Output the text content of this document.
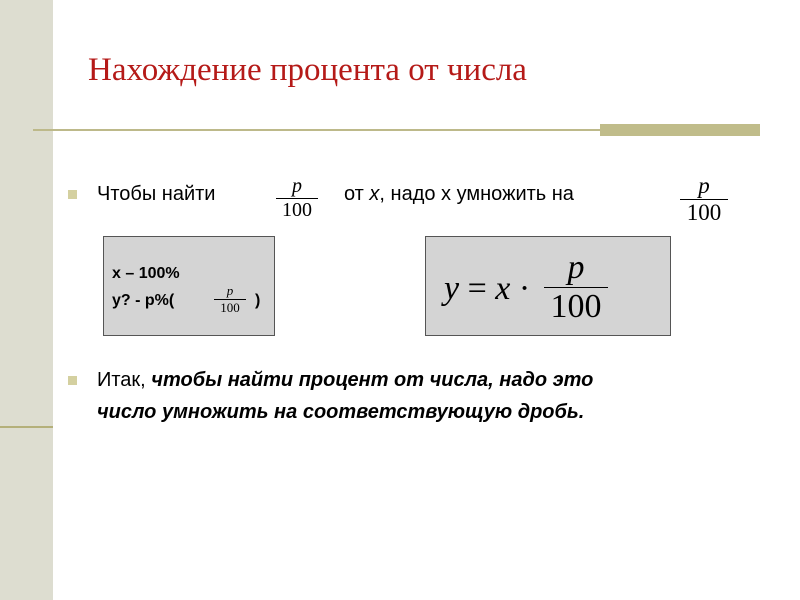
Нахождение процента от числа
Чтобы найти	p
100
от х, надо х умножить на	p
100
х – 100%
у? - р%(
p
100 )	y = x ·
p
100
Итак, чтобы найти процент от числа, надо это
число умножить на соответствующую дробь.
